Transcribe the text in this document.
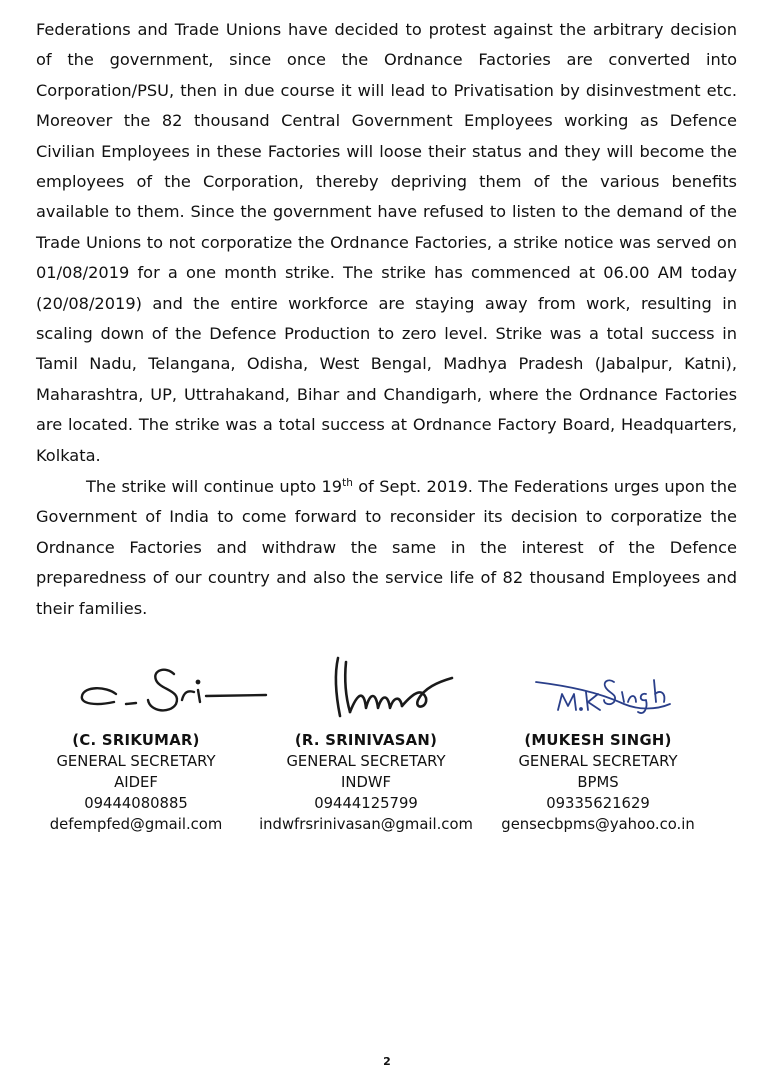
Federations and Trade Unions have decided to protest against the arbitrary decision of the government, since once the Ordnance Factories are converted into Corporation/PSU, then in due course it will lead to Privatisation by disinvestment etc. Moreover the 82 thousand Central Government Employees working as Defence Civilian Employees in these Factories will loose their status and they will become the employees of the Corporation, thereby depriving them of the various benefits available to them. Since the government have refused to listen to the demand of the Trade Unions to not corporatize the Ordnance Factories, a strike notice was served on 01/08/2019 for a one month strike. The strike has commenced at 06.00 AM today (20/08/2019) and the entire workforce are staying away from work, resulting in scaling down of the Defence Production to zero level. Strike was a total success in Tamil Nadu, Telangana, Odisha, West Bengal, Madhya Pradesh (Jabalpur, Katni), Maharashtra, UP, Uttrahakand, Bihar and Chandigarh, where the Ordnance Factories are located. The strike was a total success at Ordnance Factory Board, Headquarters, Kolkata.

The strike will continue upto 19th of Sept. 2019. The Federations urges upon the Government of India to come forward to reconsider its decision to corporatize the Ordnance Factories and withdraw the same in the interest of the Defence preparedness of our country and also the service life of 82 thousand Employees and their families.

(C. SRIKUMAR)
GENERAL SECRETARY
AIDEF
09444080885
defempfed@gmail.com
(R. SRINIVASAN)
GENERAL SECRETARY
INDWF
09444125799
indwfrsrinivasan@gmail.com
(MUKESH SINGH)
GENERAL SECRETARY
BPMS
09335621629
gensecbpms@yahoo.co.in
2
